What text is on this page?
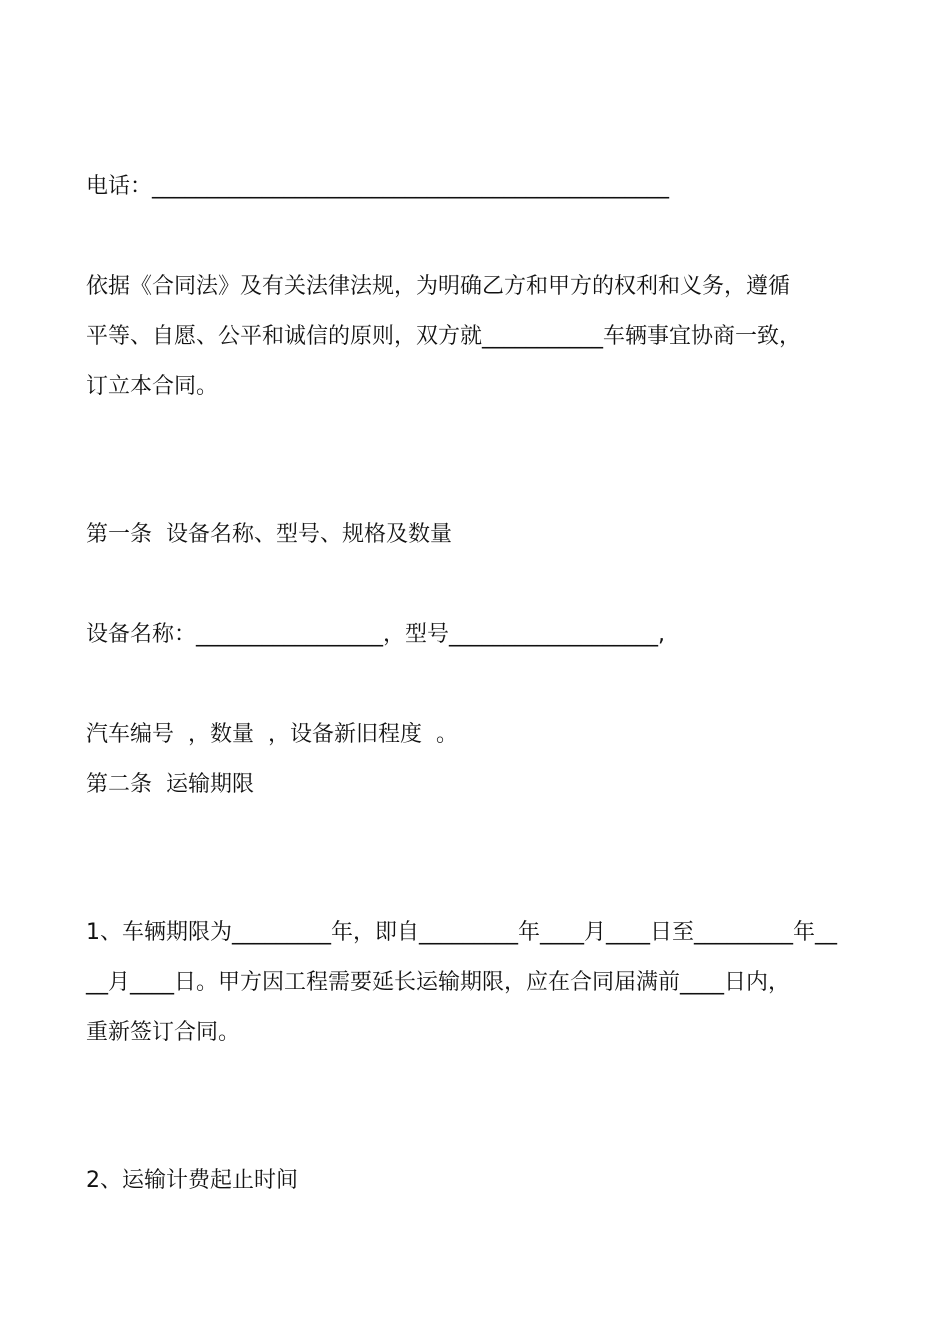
电话：_______________________________________________

依据《合同法》及有关法律法规，为明确乙方和甲方的权利和义务，遵循

平等、自愿、公平和诚信的原则，双方就___________车辆事宜协商一致，

订立本合同。

第一条  设备名称、型号、规格及数量

设备名称：_________________，型号___________________,

汽车编号  ，数量  ，设备新旧程度  。

第二条  运输期限

1、车辆期限为_________年，即自_________年____月____日至_________年__

__月____日。甲方因工程需要延长运输期限，应在合同届满前____日内，

重新签订合同。

2、运输计费起止时间
